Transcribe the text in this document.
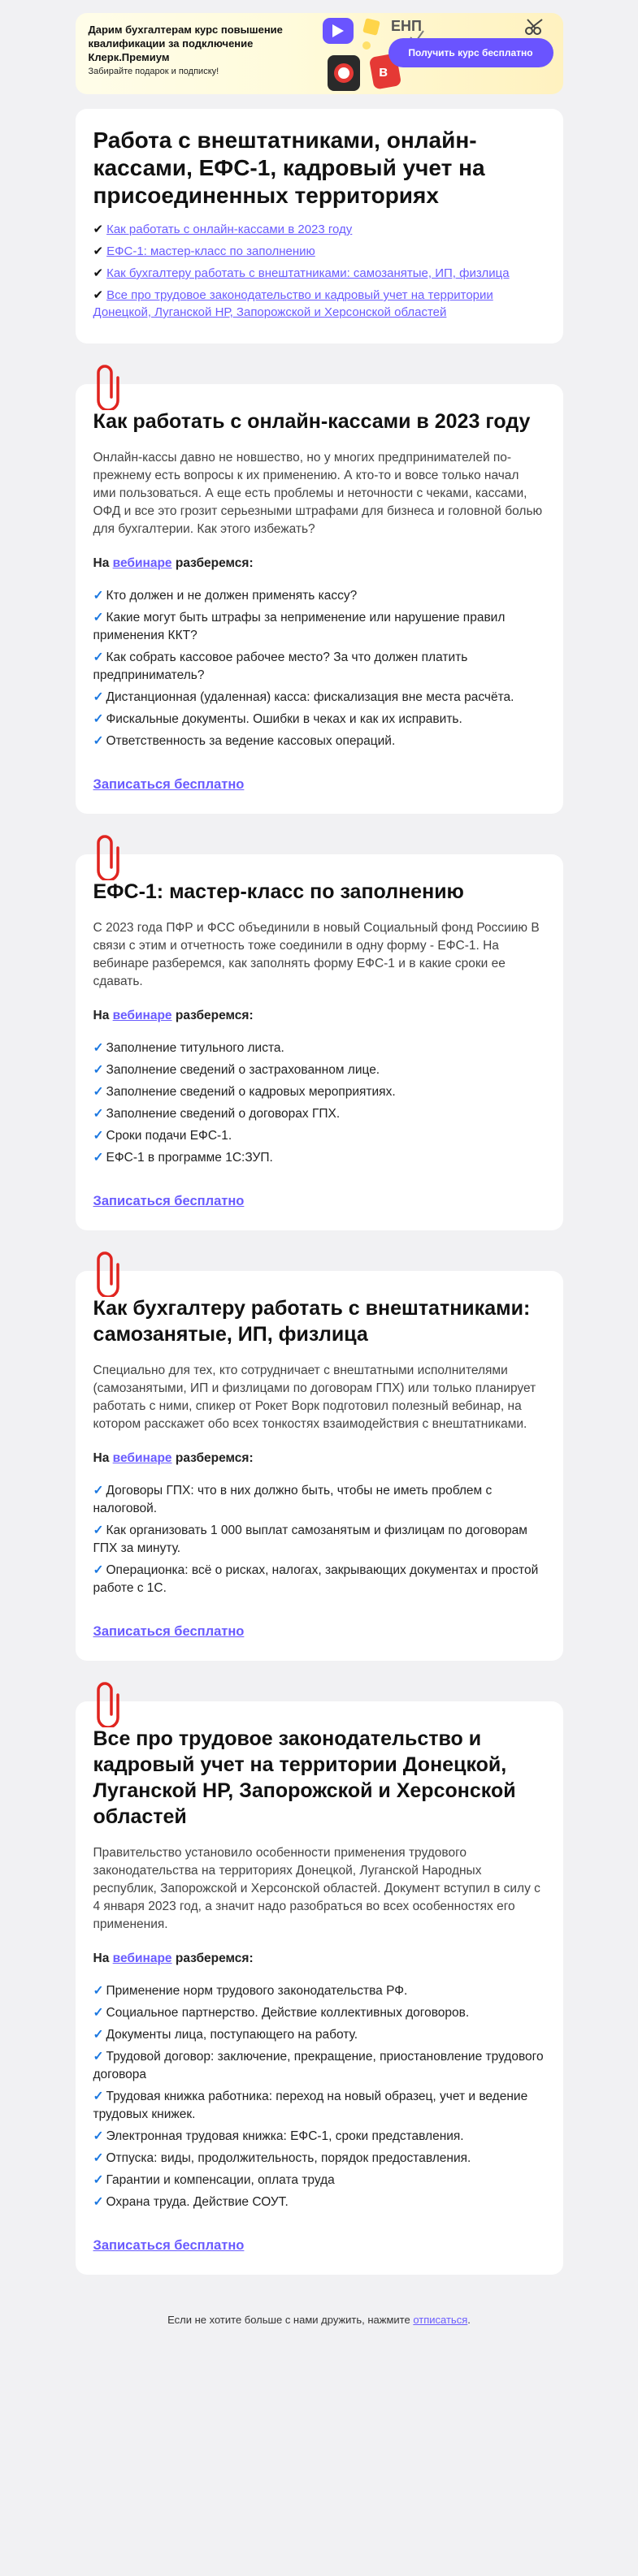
Дарим бухгалтерам курс повышение квалификации за подключение Клерк.Премиум
Забирайте подарок и подписку!	в
ЕНП
Получить курс бесплатно
Работа с внештатниками, онлайн-кассами, ЕФС-1, кадровый учет на присоединенных территориях
✔ Как работать с онлайн-кассами в 2023 году
✔ ЕФС-1: мастер-класс по заполнению
✔ Как бухгалтеру работать с внештатниками: самозанятые, ИП, физлица
✔ Все про трудовое законодательство и кадровый учет на территории Донецкой, Луганской НР, Запорожской и Херсонской областей
Как работать с онлайн-кассами в 2023 году

Онлайн-кассы давно не новшество, но у многих предпринимателей по-прежнему есть вопросы к их применению. А кто-то и вовсе только начал ими пользоваться. А еще есть проблемы и неточности с чеками, кассами, ОФД и все это грозит серьезными штрафами для бизнеса и головной болью для бухгалтерии. Как этого избежать?

На вебинаре разберемся:

✓ Кто должен и не должен применять кассу?
✓ Какие могут быть штрафы за неприменение или нарушение правил применения ККТ?
✓ Как собрать кассовое рабочее место? За что должен платить предприниматель?
✓ Дистанционная (удаленная) касса: фискализация вне места расчёта.
✓ Фискальные документы. Ошибки в чеках и как их исправить.
✓ Ответственность за ведение кассовых операций.
Записаться бесплатно
ЕФС-1: мастер-класс по заполнению

С 2023 года ПФР и ФСС объединили в новый Социальный фонд Россиию В связи с этим и отчетность тоже соединили в одну форму - ЕФС-1. На вебинаре разберемся, как заполнять форму ЕФС-1 и в какие сроки ее сдавать.

На вебинаре разберемся:

✓ Заполнение титульного листа.
✓ Заполнение сведений о застрахованном лице.
✓ Заполнение сведений о кадровых мероприятиях.
✓ Заполнение сведений о договорах ГПХ.
✓ Сроки подачи ЕФС-1.
✓ ЕФС-1 в программе 1С:ЗУП.
Записаться бесплатно
Как бухгалтеру работать с внештатниками: самозанятые, ИП, физлица

Специально для тех, кто сотрудничает с внештатными исполнителями (самозанятыми, ИП и физлицами по договорам ГПХ) или только планирует работать с ними, спикер от Рокет Ворк подготовил полезный вебинар, на котором расскажет обо всех тонкостях взаимодействия с внештатниками.

На вебинаре разберемся:

✓ Договоры ГПХ: что в них должно быть, чтобы не иметь проблем с налоговой.
✓ Как организовать 1 000 выплат самозанятым и физлицам по договорам ГПХ за минуту.
✓ Операционка: всё о рисках, налогах, закрывающих документах и простой работе с 1С.
Записаться бесплатно
Все про трудовое законодательство и кадровый учет на территории Донецкой, Луганской НР, Запорожской и Херсонской областей

Правительство установило особенности применения трудового законодательства на территориях Донецкой, Луганской Народных республик, Запорожской и Херсонской областей. Документ вступил в силу с 4 января 2023 год, а значит надо разобраться во всех особенностях его применения.

На вебинаре разберемся:

✓ Применение норм трудового законодательства РФ.
✓ Социальное партнерство. Действие коллективных договоров.
✓ Документы лица, поступающего на работу.
✓ Трудовой договор: заключение, прекращение, приостановление трудового договора
✓ Трудовая книжка работника: переход на новый образец, учет и ведение трудовых книжек.
✓ Электронная трудовая книжка: ЕФС-1, сроки представления.
✓ Отпуска: виды, продолжительность, порядок предоставления.
✓ Гарантии и компенсации, оплата труда
✓ Охрана труда. Действие СОУТ.
Записаться бесплатно
Если не хотите больше с нами дружить, нажмите отписаться.
